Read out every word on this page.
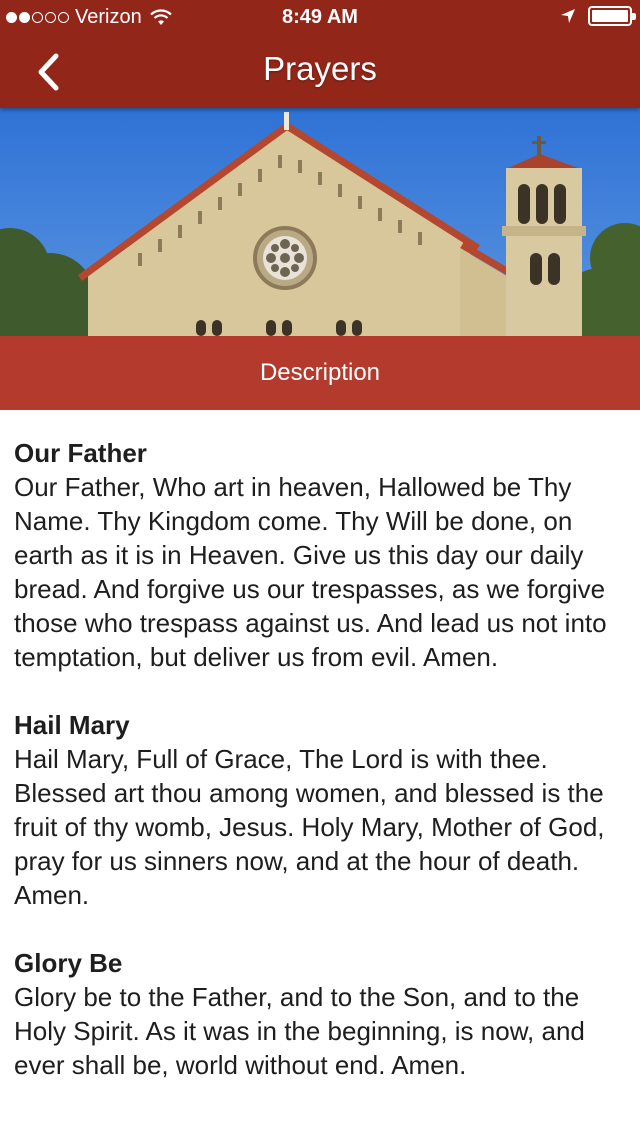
Verizon	8:49 AM
Prayers
Description
Our Father
Our Father, Who art in heaven, Hallowed be Thy Name. Thy Kingdom come. Thy Will be done, on earth as it is in Heaven. Give us this day our daily bread. And forgive us our trespasses, as we forgive those who trespass against us. And lead us not into temptation, but deliver us from evil. Amen.
Hail Mary
Hail Mary, Full of Grace, The Lord is with thee. Blessed art thou among women, and blessed is the fruit of thy womb, Jesus. Holy Mary, Mother of God, pray for us sinners now, and at the hour of death. Amen.
Glory Be
Glory be to the Father, and to the Son, and to the Holy Spirit. As it was in the beginning, is now, and ever shall be, world without end. Amen.
